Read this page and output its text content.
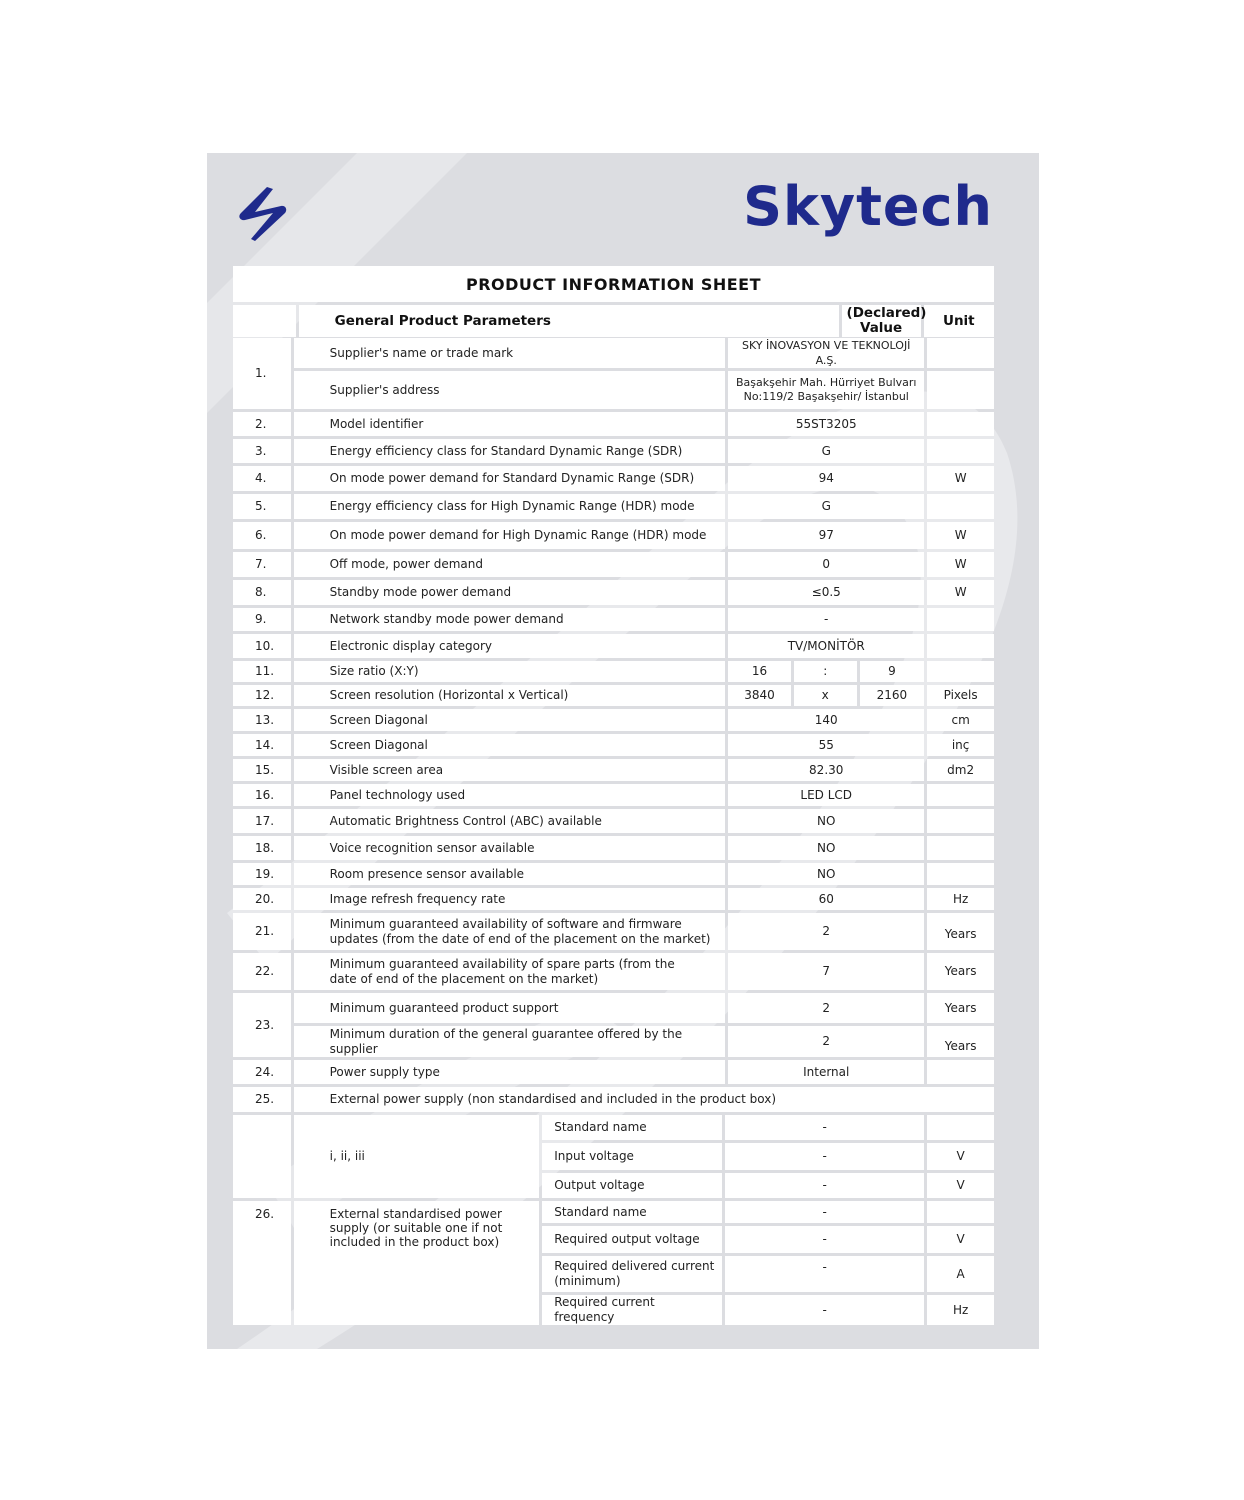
Skytech
PRODUCT INFORMATION SHEET
	General Product Parameters	(Declared) Value	Unit
1.	Supplier's name or trade mark	SKY İNOVASYON VE TEKNOLOJİ A.Ş.			
	Supplier's address	Başakşehir Mah. Hürriyet Bulvarı
No:119/2 Başakşehir/ İstanbul			

2.	Model identifier	55ST3205			
3.	Energy efficiency class for Standard Dynamic Range (SDR)	G			
4.	On mode power demand for Standard Dynamic Range (SDR)	94			W
5.	Energy efficiency class for High Dynamic Range (HDR) mode	G			
6.	On mode power demand for High Dynamic Range (HDR) mode	97			W
7.	Off mode, power demand	0			W
8.	Standby mode power demand	≤0.5			W
9.	Network standby mode power demand	-			
10.	Electronic display category	TV/MONİTÖR			
11.	Size ratio (X:Y)	16	:	9	
12.	Screen resolution (Horizontal x Vertical)	3840	x	2160	Pixels
13.	Screen Diagonal	140			cm
14.	Screen Diagonal	55			inç
15.	Visible screen area	82.30			dm2
16.	Panel technology used	LED LCD			
17.	Automatic Brightness Control (ABC) available	NO			
18.	Voice recognition sensor available	NO			
19.	Room presence sensor available	NO			
20.	Image refresh frequency rate	60			Hz
21.	Minimum guaranteed availability of software and firmware
updates (from the date of end of the placement on the market)	2			Years
22.	Minimum guaranteed availability of spare parts (from the
date of end of the placement on the market)	7			Years
23.	Minimum guaranteed product support	2			Years
	Minimum duration of the general guarantee offered by the supplier	2			Years
24.	Power supply type	Internal			
25.	External power supply (non standardised and included in the product box)				
	i, ii, iii	Standard name	-	
		Input voltage	-	V
		Output voltage	-	V
26.	External standardised power
supply (or suitable one if not
included in the product box)	Standard name	-	
		Required output voltage	-	V

		Required delivered current
(minimum)	-	A
		Required current frequency	-	Hz
